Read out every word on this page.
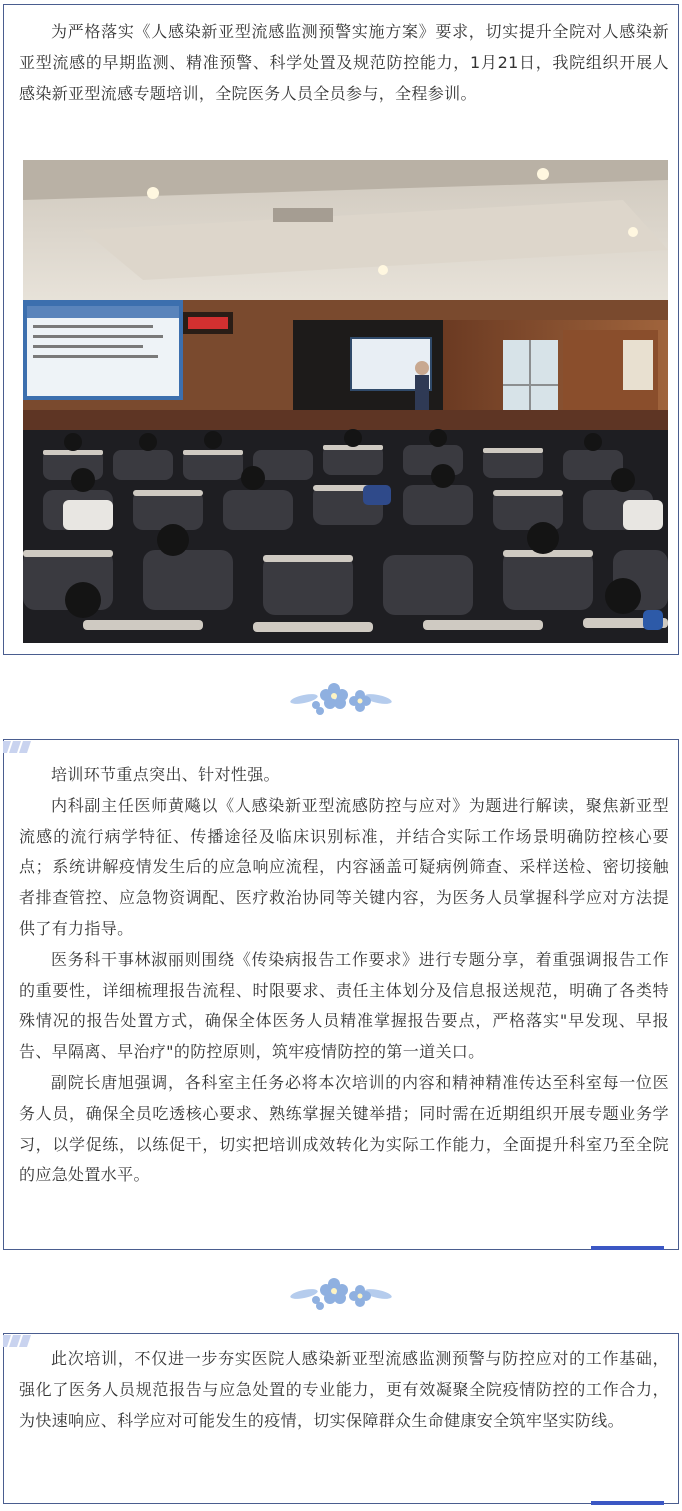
为严格落实《人感染新亚型流感监测预警实施方案》要求，切实提升全院对人感染新亚型流感的早期监测、精准预警、科学处置及规范防控能力，1月21日，我院组织开展人感染新亚型流感专题培训，全院医务人员全员参与，全程参训。

培训环节重点突出、针对性强。

内科副主任医师黄飚以《人感染新亚型流感防控与应对》为题进行解读，聚焦新亚型流感的流行病学特征、传播途径及临床识别标准，并结合实际工作场景明确防控核心要点；系统讲解疫情发生后的应急响应流程，内容涵盖可疑病例筛查、采样送检、密切接触者排查管控、应急物资调配、医疗救治协同等关键内容，为医务人员掌握科学应对方法提供了有力指导。

医务科干事林淑丽则围绕《传染病报告工作要求》进行专题分享，着重强调报告工作的重要性，详细梳理报告流程、时限要求、责任主体划分及信息报送规范，明确了各类特殊情况的报告处置方式，确保全体医务人员精准掌握报告要点，严格落实"早发现、早报告、早隔离、早治疗"的防控原则，筑牢疫情防控的第一道关口。

副院长唐旭强调，各科室主任务必将本次培训的内容和精神精准传达至科室每一位医务人员，确保全员吃透核心要求、熟练掌握关键举措；同时需在近期组织开展专题业务学习，以学促练，以练促干，切实把培训成效转化为实际工作能力，全面提升科室乃至全院的应急处置水平。

此次培训，不仅进一步夯实医院人感染新亚型流感监测预警与防控应对的工作基础，强化了医务人员规范报告与应急处置的专业能力，更有效凝聚全院疫情防控的工作合力，为快速响应、科学应对可能发生的疫情，切实保障群众生命健康安全筑牢坚实防线。
